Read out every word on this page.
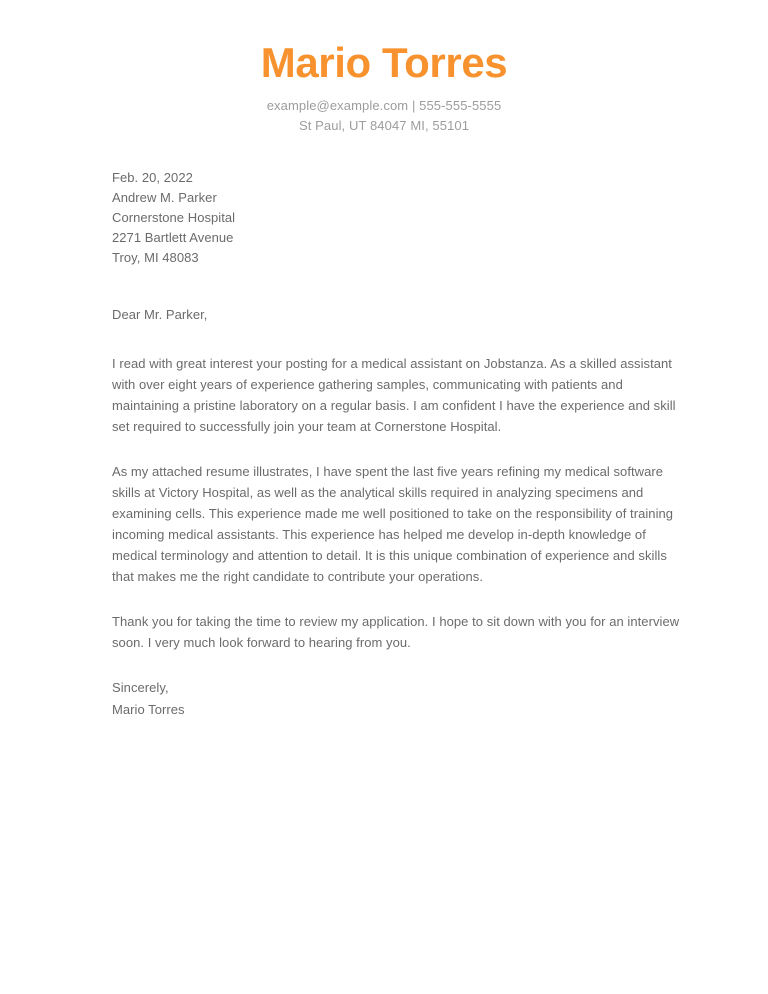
Mario Torres
example@example.com | 555-555-5555
St Paul, UT 84047 MI, 55101
Feb. 20, 2022
Andrew M. Parker
Cornerstone Hospital
2271 Bartlett Avenue
Troy, MI 48083
Dear Mr. Parker,

I read with great interest your posting for a medical assistant on Jobstanza. As a skilled assistant with over eight years of experience gathering samples, communicating with patients and maintaining a pristine laboratory on a regular basis. I am confident I have the experience and skill set required to successfully join your team at Cornerstone Hospital.

As my attached resume illustrates, I have spent the last five years refining my medical software skills at Victory Hospital, as well as the analytical skills required in analyzing specimens and examining cells. This experience made me well positioned to take on the responsibility of training incoming medical assistants. This experience has helped me develop in-depth knowledge of medical terminology and attention to detail. It is this unique combination of experience and skills that makes me the right candidate to contribute your operations.

Thank you for taking the time to review my application. I hope to sit down with you for an interview soon. I very much look forward to hearing from you.

Sincerely,
Mario Torres
